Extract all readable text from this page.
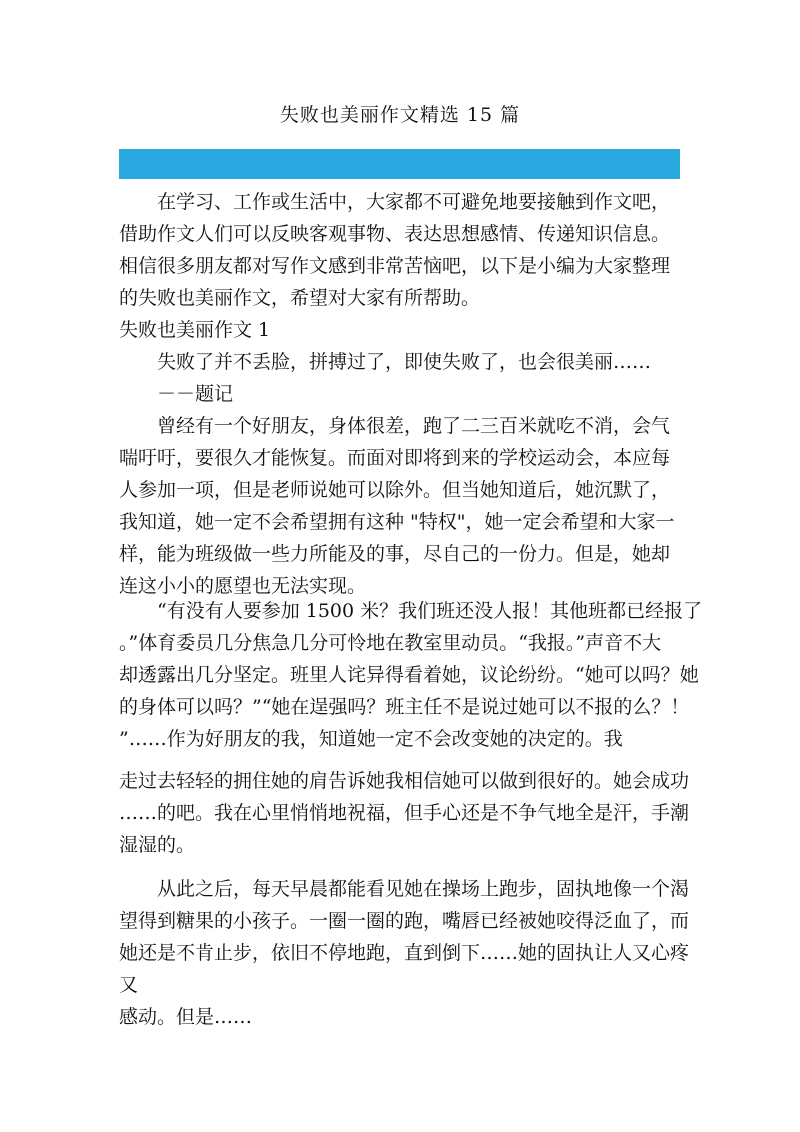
失败也美丽作文精选 15 篇

在学习、工作或生活中，大家都不可避免地要接触到作文吧，借助作文人们可以反映客观事物、表达思想感情、传递知识信息。相信很多朋友都对写作文感到非常苦恼吧，以下是小编为大家整理的失败也美丽作文，希望对大家有所帮助。

失败也美丽作文 1
失败了并不丢脸，拼搏过了，即使失败了，也会很美丽……
－－题记

曾经有一个好朋友，身体很差，跑了二三百米就吃不消，会气喘吁吁，要很久才能恢复。而面对即将到来的学校运动会，本应每人参加一项，但是老师说她可以除外。但当她知道后，她沉默了，我知道，她一定不会希望拥有这种 "特权"，她一定会希望和大家一样，能为班级做一些力所能及的事，尽自己的一份力。但是，她却连这小小的愿望也无法实现。

“有没有人要参加 1500 米？我们班还没人报！其他班都已经报了
。”体育委员几分焦急几分可怜地在教室里动员。“我报。”声音不大
却透露出几分坚定。班里人诧异得看着她，议论纷纷。“她可以吗？她
的身体可以吗？”“她在逞强吗？班主任不是说过她可以不报的么？！
”……作为好朋友的我，知道她一定不会改变她的决定的。我
走过去轻轻的拥住她的肩告诉她我相信她可以做到很好的。她会成功
……的吧。我在心里悄悄地祝福，但手心还是不争气地全是汗，手潮
湿湿的。
从此之后，每天早晨都能看见她在操场上跑步，固执地像一个渴
望得到糖果的小孩子。一圈一圈的跑，嘴唇已经被她咬得泛血了，而
她还是不肯止步，依旧不停地跑，直到倒下……她的固执让人又心疼
又
感动。但是……
